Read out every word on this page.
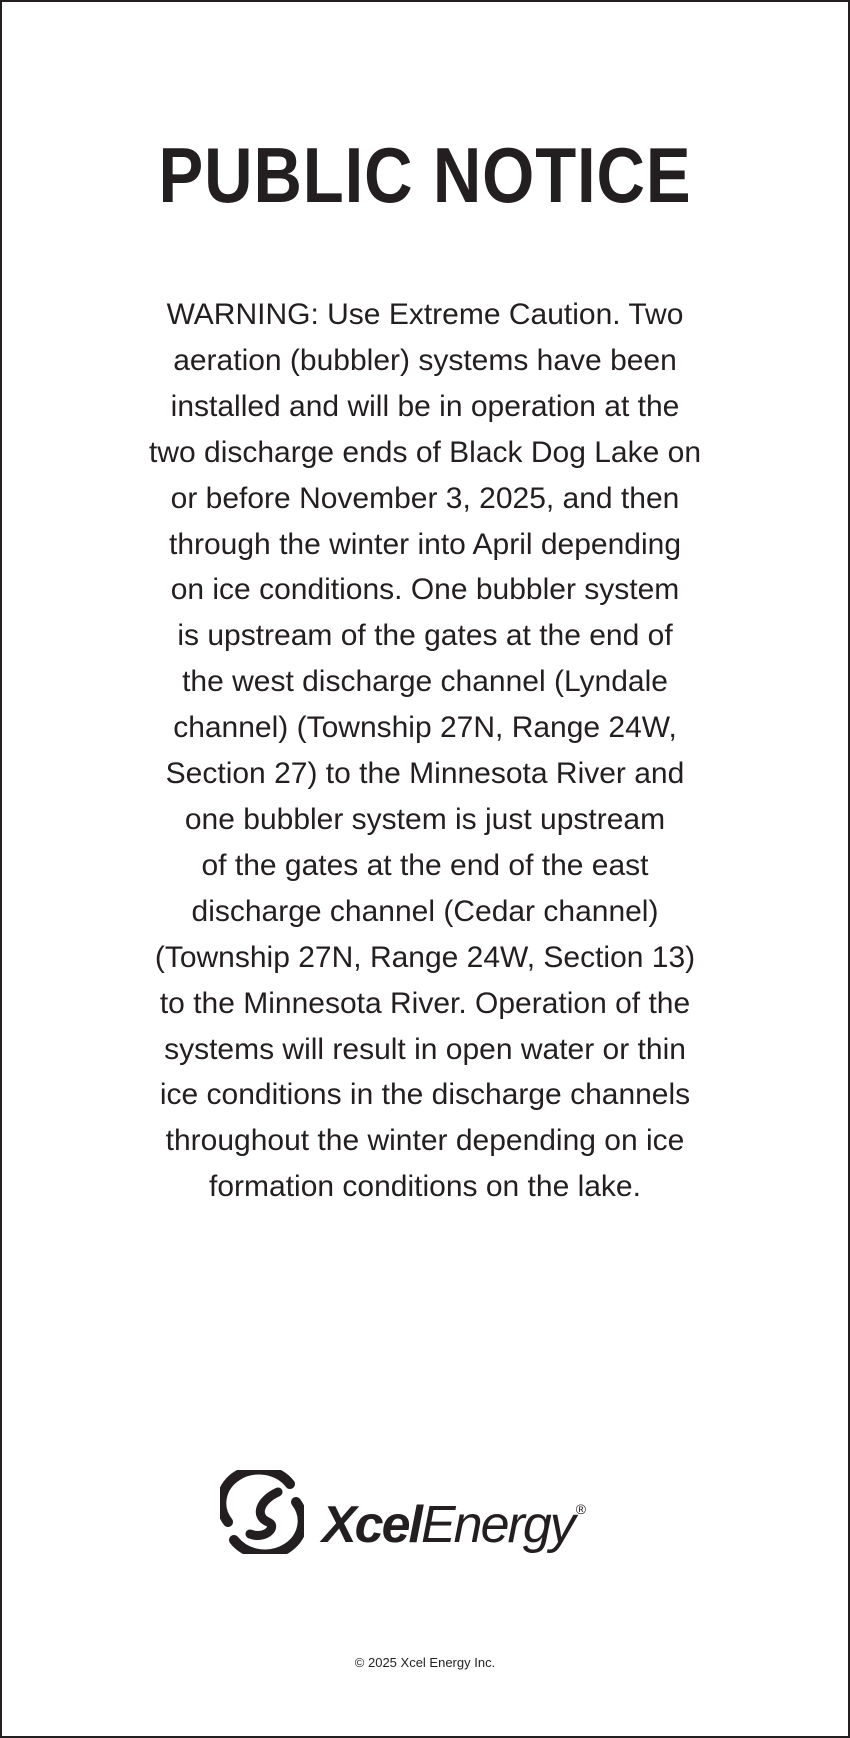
PUBLIC NOTICE

WARNING: Use Extreme Caution. Two
aeration (bubbler) systems have been
installed and will be in operation at the
two discharge ends of Black Dog Lake on
or before November 3, 2025, and then
through the winter into April depending
on ice conditions. One bubbler system
is upstream of the gates at the end of
the west discharge channel (Lyndale
channel) (Township 27N, Range 24W,
Section 27) to the Minnesota River and
one bubbler system is just upstream
of the gates at the end of the east
discharge channel (Cedar channel)
(Township 27N, Range 24W, Section 13)
to the Minnesota River. Operation of the
systems will result in open water or thin
ice conditions in the discharge channels
throughout the winter depending on ice
formation conditions on the lake.

XcelEnergy ®
© 2025 Xcel Energy Inc.
